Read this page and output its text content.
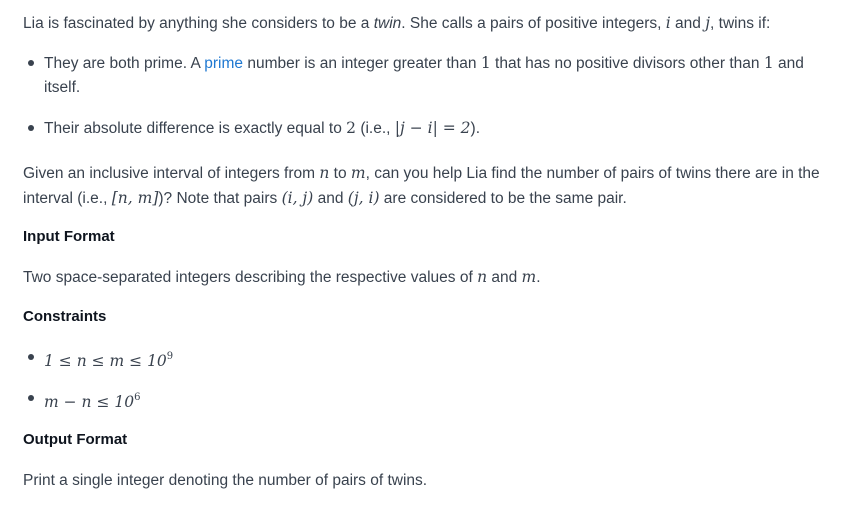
Lia is fascinated by anything she considers to be a twin. She calls a pairs of positive integers, i and j, twins if:

They are both prime. A prime number is an integer greater than 1 that has no positive divisors other than 1 and itself.
Their absolute difference is exactly equal to 2 (i.e., |j − i| = 2).

Given an inclusive interval of integers from n to m, can you help Lia find the number of pairs of twins there are in the interval (i.e., [n, m])? Note that pairs (i, j) and (j, i) are considered to be the same pair.

Input Format

Two space-separated integers describing the respective values of n and m.

Constraints
$1 \le n \le m \le 10^9$
$m - n \le 10^6$
Output Format

Print a single integer denoting the number of pairs of twins.
